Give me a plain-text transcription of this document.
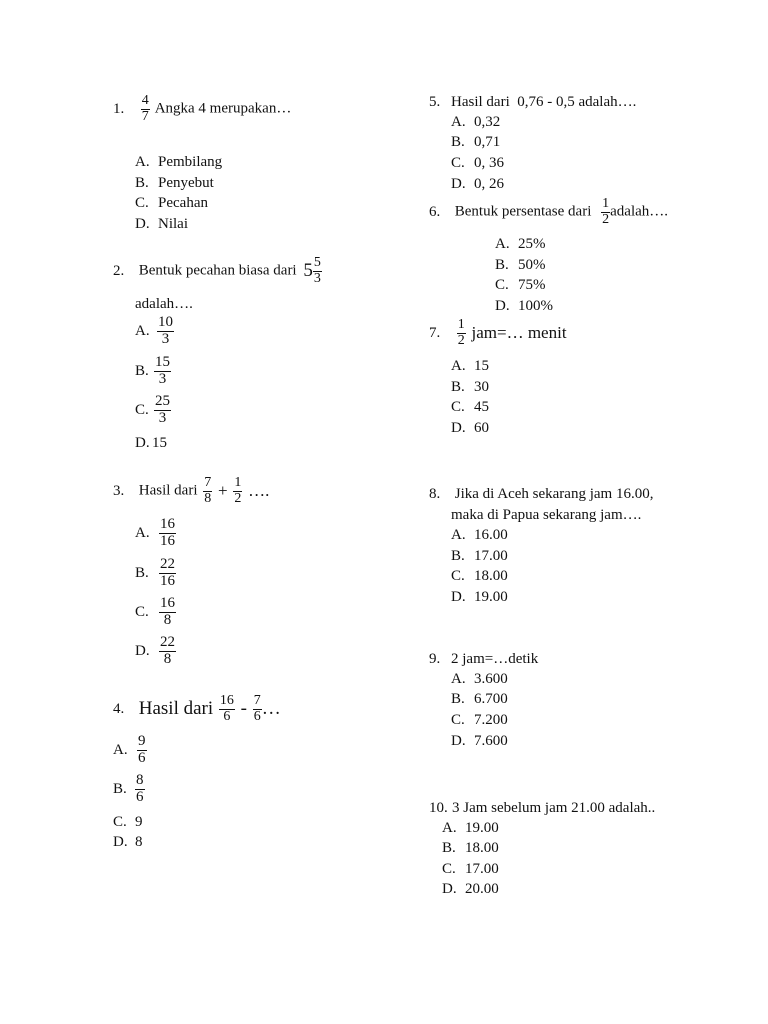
1. $\frac{4}{7}$ Angka 4 merupakan…
A. Pembilang
B. Penyebut
C. Pecahan
D. Nilai
2. Bentuk pecahan biasa dari $5 \frac{5}{3}$
adalah….
A. $\frac{10}{3}$
B. $\frac{15}{3}$
C. $\frac{25}{3}$
D. 15
3. Hasil dari $\frac{7}{8} + \frac{1}{2}$ ….
A. $\frac{16}{16}$
B. $\frac{22}{16}$
C. $\frac{16}{8}$
D. $\frac{22}{8}$
4. Hasil dari $\frac{16}{6} - \frac{7}{6}$ …
A. $\frac{9}{6}$
B. $\frac{8}{6}$
C. 9
D. 8
5. Hasil dari  0,76 - 0,5 adalah….
A. 0,32
B. 0,71
C. 0, 36
D. 0, 26
6. Bentuk persentase dari $\frac{1}{2}$ adalah….
A. 25%
B. 50%
C. 75%
D. 100%
7. $\frac{1}{2}$ jam=… menit
A. 15
B. 30
C. 45
D. 60
8. Jika di Aceh sekarang jam 16.00,
maka di Papua sekarang jam….
A. 16.00
B. 17.00
C. 18.00
D. 19.00
9. 2 jam=…detik
A. 3.600
B. 6.700
C. 7.200
D. 7.600
10. 3 Jam sebelum jam 21.00 adalah..
A. 19.00
B. 18.00
C. 17.00
D. 20.00
